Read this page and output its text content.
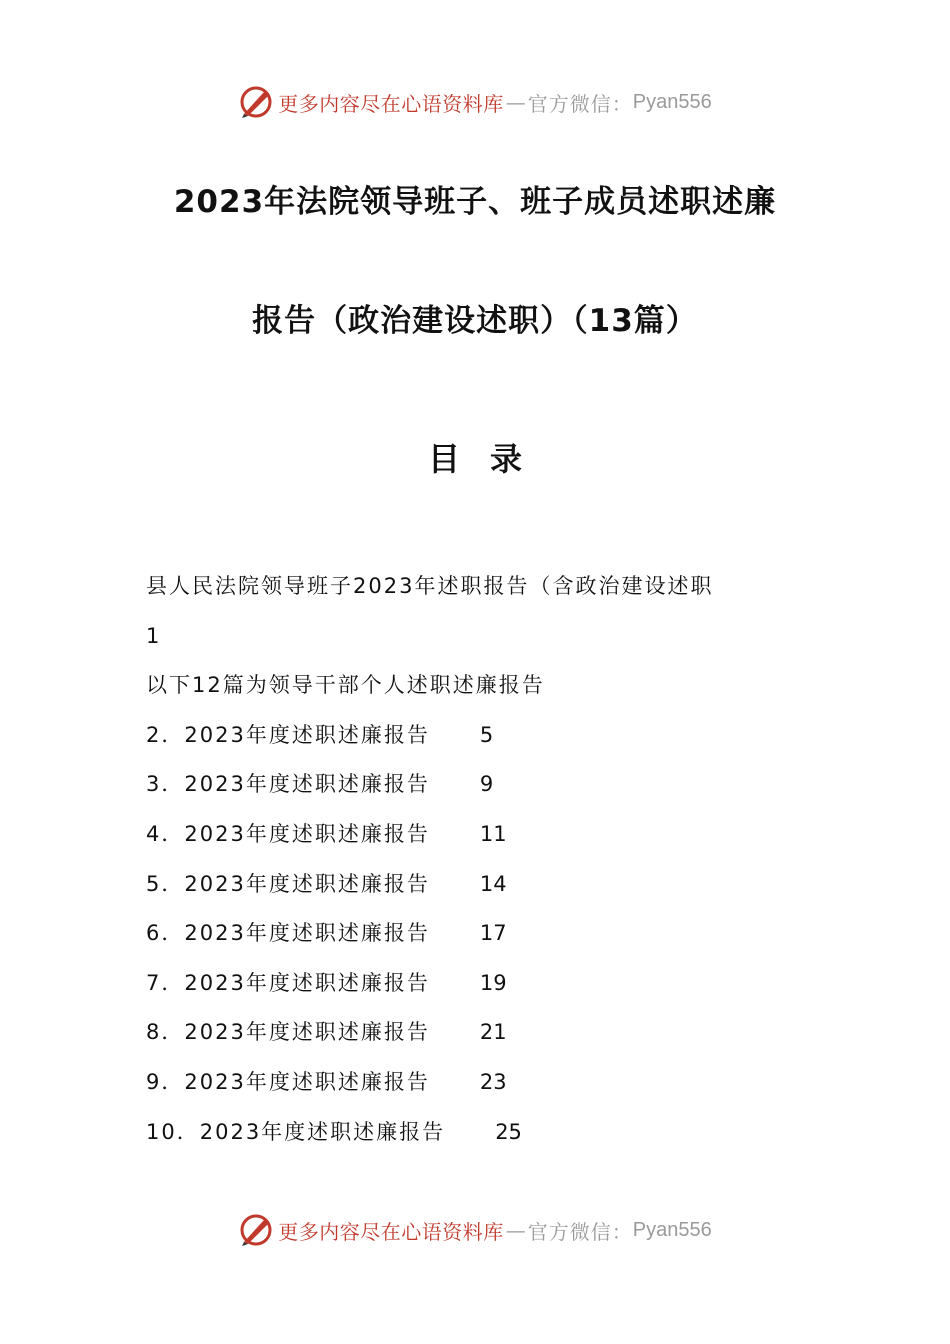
更多内容尽在心语资料库 — 官方微信： Pyan556
2023年法院领导班子、班子成员述职述廉
报告（政治建设述职）（13篇）
目录
县人民法院领导班子2023年述职报告（含政治建设述职
1
以下12篇为领导干部个人述职述廉报告
2．2023年度述职述廉报告 5
3．2023年度述职述廉报告 9
4．2023年度述职述廉报告 11
5．2023年度述职述廉报告 14
6．2023年度述职述廉报告 17
7．2023年度述职述廉报告 19
8．2023年度述职述廉报告 21
9．2023年度述职述廉报告 23
10．2023年度述职述廉报告 25
更多内容尽在心语资料库 — 官方微信： Pyan556
